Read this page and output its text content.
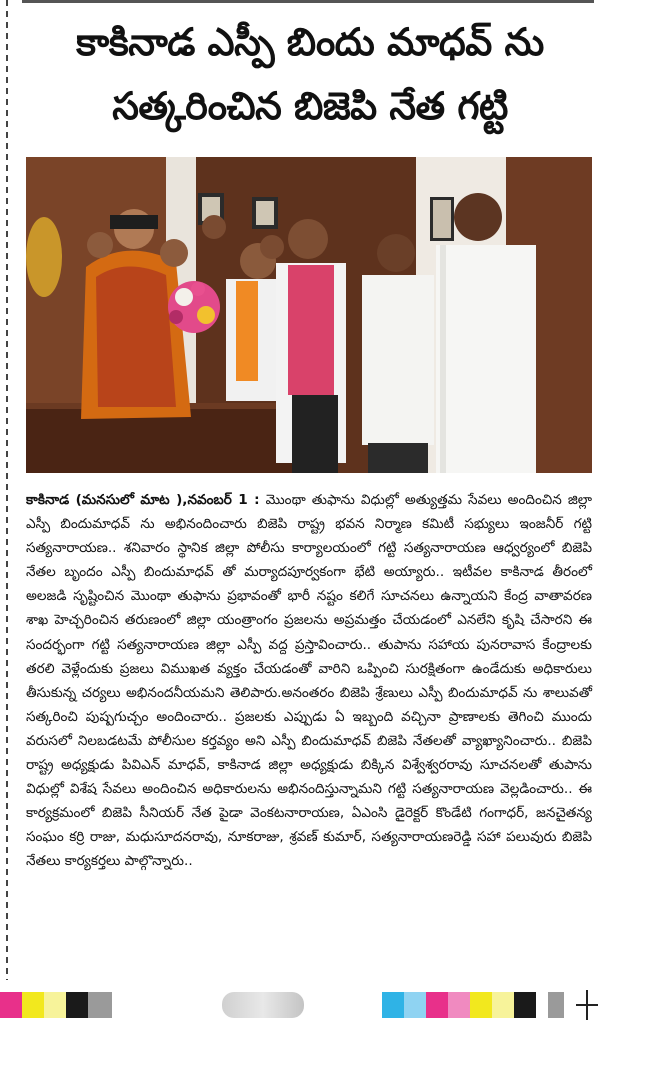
కాకినాడ ఎస్పీ బిందు మాధవ్ ను
సత్కరించిన బిజెపి నేత గట్టి
కాకినాడ (మనసులో మాట ),నవంబర్ 1 : మొంథా తుఫాను విధుల్లో అత్యుత్తమ సేవలు అందించిన జిల్లా ఎస్పీ బిందుమాధవ్ ను అభినందించారు బిజెపి రాష్ట్ర భవన నిర్మాణ కమిటీ సభ్యులు ఇంజనీర్ గట్టి సత్యనారాయణ.. శనివారం స్థానిక జిల్లా పోలీసు కార్యాలయంలో గట్టి సత్యనారాయణ ఆధ్వర్యంలో బిజెపి నేతల బృందం ఎస్పీ బిందుమాధవ్ తో మర్యాదపూర్వకంగా భేటి అయ్యారు.. ఇటీవల కాకినాడ తీరంలో అలజడి సృష్టించిన మొంథా తుఫాను ప్రభావంతో భారీ నష్టం కలిగే సూచనలు ఉన్నాయని కేంద్ర వాతావరణ శాఖ హెచ్చరించిన తరుణంలో జిల్లా యంత్రాంగం ప్రజలను అప్రమత్తం చేయడంలో ఎనలేని కృషి చేసారని ఈ సందర్భంగా గట్టి సత్యనారాయణ జిల్లా ఎస్పీ వద్ద ప్రస్తావించారు.. తుపాను సహాయ పునరావాస కేంద్రాలకు తరలి వెళ్లేందుకు ప్రజలు విముఖత వ్యక్తం చేయడంతో వారిని ఒప్పించి సురక్షితంగా ఉండేదుకు అధికారులు తీసుకున్న చర్యలు అభినందనీయమని తెలిపారు.అనంతరం బిజెపి శ్రేణులు ఎస్పీ బిందుమాధవ్ ను శాలువతో సత్కరించి పుష్పగుచ్చం అందించారు.. ప్రజలకు ఎప్పుడు ఏ ఇబ్బంది వచ్చినా ప్రాణాలకు తెగించి ముందు వరుసలో నిలబడటమే పోలీసుల కర్తవ్యం అని ఎస్పీ బిందుమాధవ్ బిజెపి నేతలతో వ్యాఖ్యానించారు.. బిజెపి రాష్ట్ర అధ్యక్షుడు పివిఎన్ మాధవ్, కాకినాడ జిల్లా అధ్యక్షుడు బిక్కిన విశ్వేశ్వరరావు సూచనలతో తుపాను విధుల్లో విశేష సేవలు అందించిన అధికారులను అభినందిస్తున్నామని గట్టి సత్యనారాయణ వెల్లడించారు.. ఈ కార్యక్రమంలో బిజెపి సీనియర్ నేత పైడా వెంకటనారాయణ, ఏఎంసి డైరెక్టర్ కొండేటి గంగాధర్, జనచైతన్య సంఘం కర్రి రాజు, మధుసూదనరావు, నూకరాజు, శ్రవణ్ కుమార్, సత్యనారాయణరెడ్డి సహా పలువురు బిజెపి నేతలు కార్యకర్తలు పాల్గొన్నారు..
